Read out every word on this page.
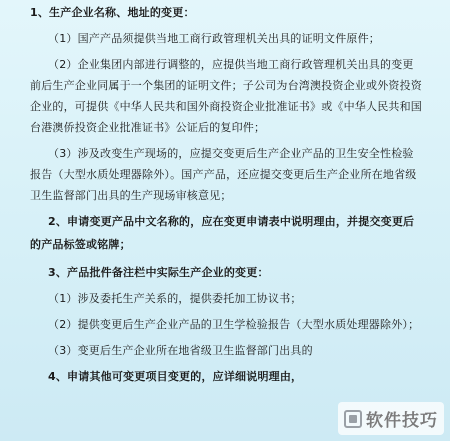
1、生产企业名称、地址的变更：
（1）国产产品须提供当地工商行政管理机关出具的证明文件原件；
（2）企业集团内部进行调整的，应提供当地工商行政管理机关出具的变更
前后生产企业同属于一个集团的证明文件；子公司为台湾澳投资企业或外资投资
企业的，可提供《中华人民共和国外商投资企业批准证书》或《中华人民共和国
台港澳侨投资企业批准证书》公证后的复印件；
（3）涉及改变生产现场的，应提交变更后生产企业产品的卫生安全性检验
报告（大型水质处理器除外）。国产产品，还应提交变更后生产企业所在地省级
卫生监督部门出具的生产现场审核意见；
2、申请变更产品中文名称的，应在变更申请表中说明理由，并提交变更后
的产品标签或铭牌；
3、产品批件备注栏中实际生产企业的变更：
（1）涉及委托生产关系的，提供委托加工协议书；
（2）提供变更后生产企业产品的卫生学检验报告（大型水质处理器除外）；
（3）变更后生产企业所在地省级卫生监督部门出具的
4、申请其他可变更项目变更的，应详细说明理由，
软件技巧
